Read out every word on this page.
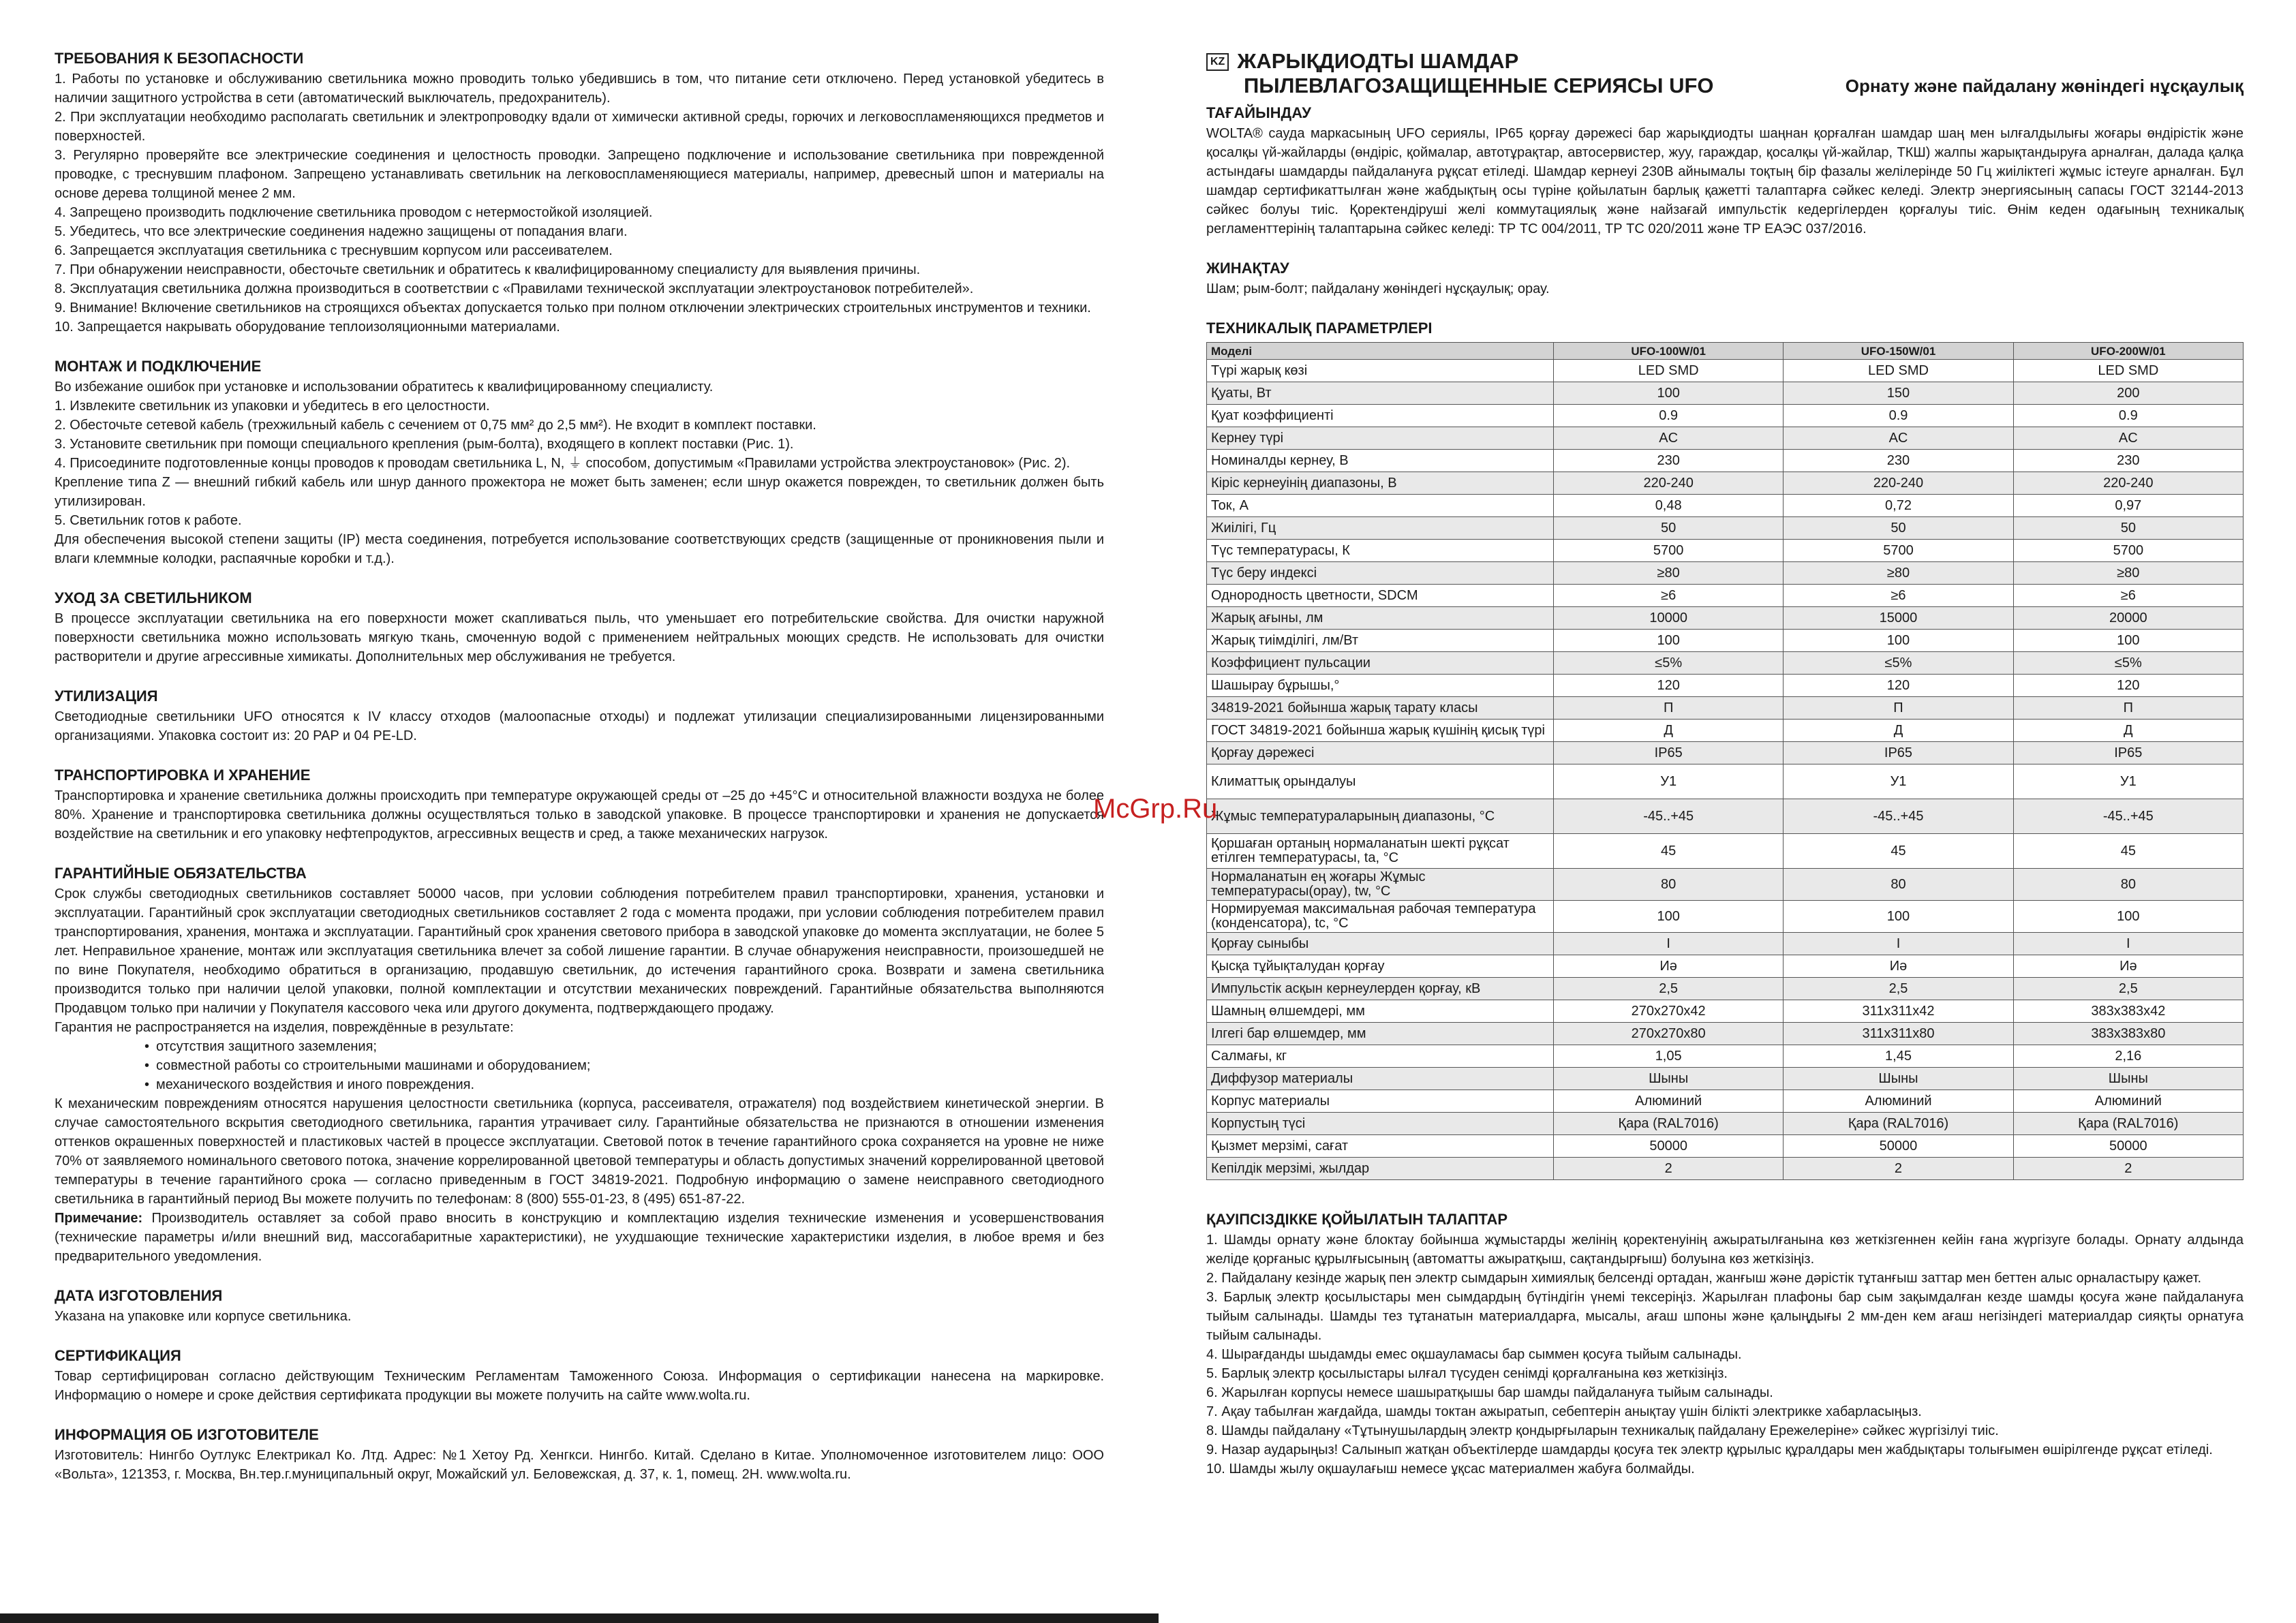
ТРЕБОВАНИЯ К БЕЗОПАСНОСТИ

1. Работы по установке и обслуживанию светильника можно проводить только убедившись в том, что питание сети отключено. Перед установкой убедитесь в наличии защитного устройства в сети (автоматический выключатель, предохранитель).

2. При эксплуатации необходимо располагать светильник и электропроводку вдали от химически активной среды, горючих и легковоспламеняющихся предметов и поверхностей.

3. Регулярно проверяйте все электрические соединения и целостность проводки. Запрещено подключение и использование светильника при поврежденной проводке, с треснувшим плафоном. Запрещено устанавливать светильник на легковоспламеняющиеся материалы, например, древесный шпон и материалы на основе дерева толщиной менее 2 мм.

4. Запрещено производить подключение светильника проводом с нетермостойкой изоляцией.

5. Убедитесь, что все электрические соединения надежно защищены от попадания влаги.

6. Запрещается эксплуатация светильника с треснувшим корпусом или рассеивателем.

7. При обнаружении неисправности, обесточьте светильник и обратитесь к квалифицированному специалисту для выявления причины.

8. Эксплуатация светильника должна производиться в соответствии с «Правилами технической эксплуатации электроустановок потребителей».

9. Внимание! Включение светильников на строящихся объектах допускается только при полном отключении электрических строительных инструментов и техники.

10. Запрещается накрывать оборудование теплоизоляционными материалами.

МОНТАЖ И ПОДКЛЮЧЕНИЕ

Во избежание ошибок при установке и использовании обратитесь к квалифицированному специалисту.

1. Извлеките светильник из упаковки и убедитесь в его целостности.

2. Обесточьте сетевой кабель (трехжильный кабель с сечением от 0,75 мм² до 2,5 мм²). Не входит в комплект поставки.

3. Установите светильник при помощи специального крепления (рым-болта), входящего в коплект поставки (Рис. 1).

4. Присоедините подготовленные концы проводов к проводам светильника L, N, ⏚ способом, допустимым «Правилами устройства электроустановок» (Рис. 2).

Крепление типа Z — внешний гибкий кабель или шнур данного прожектора не может быть заменен; если шнур окажется поврежден, то светильник должен быть утилизирован.

5. Светильник готов к работе.

Для обеспечения высокой степени защиты (IP) места соединения, потребуется использование соответствующих средств (защищенные от проникновения пыли и влаги клеммные колодки, распаячные коробки и т.д.).

УХОД ЗА СВЕТИЛЬНИКОМ

В процессе эксплуатации светильника на его поверхности может скапливаться пыль, что уменьшает его потребительские свойства. Для очистки наружной поверхности светильника можно использовать мягкую ткань, смоченную водой с применением нейтральных моющих средств. Не использовать для очистки растворители и другие агрессивные химикаты. Дополнительных мер обслуживания не требуется.

УТИЛИЗАЦИЯ

Светодиодные светильники UFO относятся к IV классу отходов (малоопасные отходы) и подлежат утилизации специализированными лицензированными организациями. Упаковка состоит из: 20 PAP и 04 PE-LD.

ТРАНСПОРТИРОВКА И ХРАНЕНИЕ

Транспортировка и хранение светильника должны происходить при температуре окружающей среды от –25 до +45°С и относительной влажности воздуха не более 80%. Хранение и транспортировка светильника должны осуществляться только в заводской упаковке. В процессе транспортировки и хранения не допускается воздействие на светильник и его упаковку нефтепродуктов, агрессивных веществ и сред, а также механических нагрузок.

ГАРАНТИЙНЫЕ ОБЯЗАТЕЛЬСТВА

Срок службы светодиодных светильников составляет 50000 часов, при условии соблюдения потребителем правил транспортировки, хранения, установки и эксплуатации. Гарантийный срок эксплуатации светодиодных светильников составляет 2 года с момента продажи, при условии соблюдения потребителем правил транспортирования, хранения, монтажа и эксплуатации. Гарантийный срок хранения светового прибора в заводской упаковке до момента эксплуатации, не более 5 лет. Неправильное хранение, монтаж или эксплуатация светильника влечет за собой лишение гарантии. В случае обнаружения неисправности, произошедшей не по вине Покупателя, необходимо обратиться в организацию, продавшую светильник, до истечения гарантийного срока. Возврати и замена светильника производится только при наличии целой упаковки, полной комплектации и отсутствии механических повреждений. Гарантийные обязательства выполняются Продавцом только при наличии у Покупателя кассового чека или другого документа, подтверждающего продажу.

Гарантия не распространяется на изделия, повреждённые в результате:

• отсутствия защитного заземления;
• совместной работы со строительными машинами и оборудованием;
• механического воздействия и иного повреждения.

К механическим повреждениям относятся нарушения целостности светильника (корпуса, рассеивателя, отражателя) под воздействием кинетической энергии. В случае самостоятельного вскрытия светодиодного светильника, гарантия утрачивает силу. Гарантийные обязательства не признаются в отношении изменения оттенков окрашенных поверхностей и пластиковых частей в процессе эксплуатации. Световой поток в течение гарантийного срока сохраняется на уровне не ниже 70% от заявляемого номинального светового потока, значение коррелированной цветовой температуры и область допустимых значений коррелированной цветовой температуры в течение гарантийного срока — согласно приведенным в ГОСТ 34819-2021. Подробную информацию о замене неисправного светодиодного светильника в гарантийный период Вы можете получить по телефонам: 8 (800) 555-01-23, 8 (495) 651-87-22.

Примечание: Производитель оставляет за собой право вносить в конструкцию и комплектацию изделия технические изменения и усовершенствования (технические параметры и/или внешний вид, массогабаритные характеристики), не ухудшающие технические характеристики изделия, в любое время и без предварительного уведомления.

ДАТА ИЗГОТОВЛЕНИЯ

Указана на упаковке или корпусе светильника.

СЕРТИФИКАЦИЯ

Товар сертифицирован согласно действующим Техническим Регламентам Таможенного Союза. Информация о сертификации нанесена на маркировке. Информацию о номере и сроке действия сертификата продукции вы можете получить на сайте www.wolta.ru.

ИНФОРМАЦИЯ ОБ ИЗГОТОВИТЕЛЕ

Изготовитель: Нингбо Оутлукс Електрикал Ко. Лтд. Адрес: №1 Хетоу Рд. Хенгкси. Нингбо. Китай. Сделано в Китае. Уполномоченное изготовителем лицо: ООО «Вольта», 121353, г. Москва, Вн.тер.г.муниципальный округ, Можайский ул. Беловежская, д. 37, к. 1, помещ. 2Н. www.wolta.ru.

KZ ЖАРЫҚДИОДТЫ ШАМДАР
ПЫЛЕВЛАГОЗАЩИЩЕННЫЕ СЕРИЯСЫ UFO	Орнату және пайдалану жөніндегі нұсқаулық
ТАҒАЙЫНДАУ

WOLTA® сауда маркасының UFO сериялы, IP65 қорғау дәрежесі бар жарықдиодты шаңнан қорғалған шамдар шаң мен ылғалдылығы жоғары өндірістік және қосалқы үй-жайларды (өндіріс, қоймалар, автотұрақтар, автосервистер, жуу, гараждар, қосалқы үй-жайлар, ТКШ) жалпы жарықтандыруға арналған, далада қалқа астындағы шамдарды пайдалануға рұқсат етіледі. Шамдар кернеуі 230В айнымалы тоқтың бір фазалы желілерінде 50 Гц жиіліктегі жұмыс істеуге арналған. Бұл шамдар сертификаттылған және жабдықтың осы түріне қойылатын барлық қажетті талаптарға сәйкес келеді. Электр энергиясының сапасы ГОСТ 32144-2013 сәйкес болуы тиіс. Қоректендіруші желі коммутациялық және найзағай импульстік кедергілерден қорғалуы тиіс. Өнім кеден одағының техникалық регламенттерінің талаптарына сәйкес келеді: ТР ТС 004/2011, ТР ТС 020/2011 және ТР ЕАЭС 037/2016.

ЖИНАҚТАУ

Шам; рым-болт; пайдалану жөніндегі нұсқаулық; орау.

ТЕХНИКАЛЫҚ ПАРАМЕТРЛЕРІ
Моделі	UFO-100W/01	UFO-150W/01	UFO-200W/01
Түрі жарық көзі	LED SMD	LED SMD	LED SMD
Қуаты, Вт	100	150	200
Қуат коэффициенті	0.9	0.9	0.9
Кернеу түрі	AC	AC	AC
Номиналды кернеу, В	230	230	230
Кіріс кернеуінің диапазоны, В	220-240	220-240	220-240
Ток, А	0,48	0,72	0,97
Жиілігі, Гц	50	50	50
Түс температурасы, К	5700	5700	5700
Түс беру индексі	≥80	≥80	≥80
Однородность цветности, SDCM	≥6	≥6	≥6
Жарық ағыны, лм	10000	15000	20000
Жарық тиімділігі, лм/Вт	100	100	100
Коэффициент пульсации	≤5%	≤5%	≤5%
Шашырау бұрышы,°	120	120	120
34819-2021 бойынша жарық тарату класы	П	П	П
ГОСТ 34819-2021 бойынша жарық күшінің қисық түрі	Д	Д	Д
Қорғау дәрежесі	IP65	IP65	IP65
Климаттық орындалуы	У1	У1	У1
Жұмыс температураларының диапазоны, °С	-45..+45	-45..+45	-45..+45
Қоршаған ортаның нормаланатын шекті рұқсат етілген температурасы, ta, °С	45	45	45
Нормаланатын ең жоғары Жұмыс температурасы(орау), tw, °С	80	80	80
Нормируемая максимальная рабочая температура (конденсатора), tc, °С	100	100	100
Қорғау сыныбы	I	I	I
Қысқа тұйықталудан қорғау	Иә	Иә	Иә
Импульстік асқын кернеулерден қорғау, кВ	2,5	2,5	2,5
Шамның өлшемдері, мм	270х270х42	311х311х42	383х383х42
Ілгегі бар өлшемдер, мм	270х270х80	311х311х80	383х383х80
Салмағы, кг	1,05	1,45	2,16
Диффузор материалы	Шыны	Шыны	Шыны
Корпус материалы	Алюминий	Алюминий	Алюминий
Корпустың түсі	Қара (RAL7016)	Қара (RAL7016)	Қара (RAL7016)
Қызмет мерзімі, сағат	50000	50000	50000
Кепілдік мерзімі, жылдар	2	2	2
ҚАУІПСІЗДІККЕ ҚОЙЫЛАТЫН ТАЛАПТАР

1. Шамды орнату және блоктау бойынша жұмыстарды желінің қоректенуінің ажыратылғанына көз жеткізгеннен кейін ғана жүргізуге болады. Орнату алдында желіде қорғаныс құрылғысының (автоматты ажыратқыш, сақтандырғыш) болуына көз жеткізіңіз.

2. Пайдалану кезінде жарық пен электр сымдарын химиялық белсенді ортадан, жанғыш және дәрістік тұтанғыш заттар мен беттен алыс орналастыру қажет.

3. Барлық электр қосылыстары мен сымдардың бүтіндігін үнемі тексеріңіз. Жарылған плафоны бар сым зақымдалған кезде шамды қосуға және пайдалануға тыйым салынады. Шамды тез тұтанатын материалдарға, мысалы, ағаш шпоны және қалыңдығы 2 мм-ден кем ағаш негізіндегі материалдар сияқты орнатуға тыйым салынады.

4. Шырағданды шыдамды емес оқшауламасы бар сыммен қосуға тыйым салынады.

5. Барлық электр қосылыстары ылғал түсуден сенімді қорғалғанына көз жеткізіңіз.

6. Жарылған корпусы немесе шашыратқышы бар шамды пайдалануға тыйым салынады.

7. Ақау табылған жағдайда, шамды токтан ажыратып, себептерін анықтау үшін білікті электрикке хабарласыңыз.

8. Шамды пайдалану «Тұтынушылардың электр қондырғыларын техникалық пайдалану Ережелеріне» сәйкес жүргізілуі тиіс.

9. Назар аударыңыз! Салынып жатқан объектілерде шамдарды қосуға тек электр құрылыс құралдары мен жабдықтары толығымен өшірілгенде рұқсат етіледі.

10. Шамды жылу оқшаулағыш немесе ұқсас материалмен жабуға болмайды.

McGrp.Ru
